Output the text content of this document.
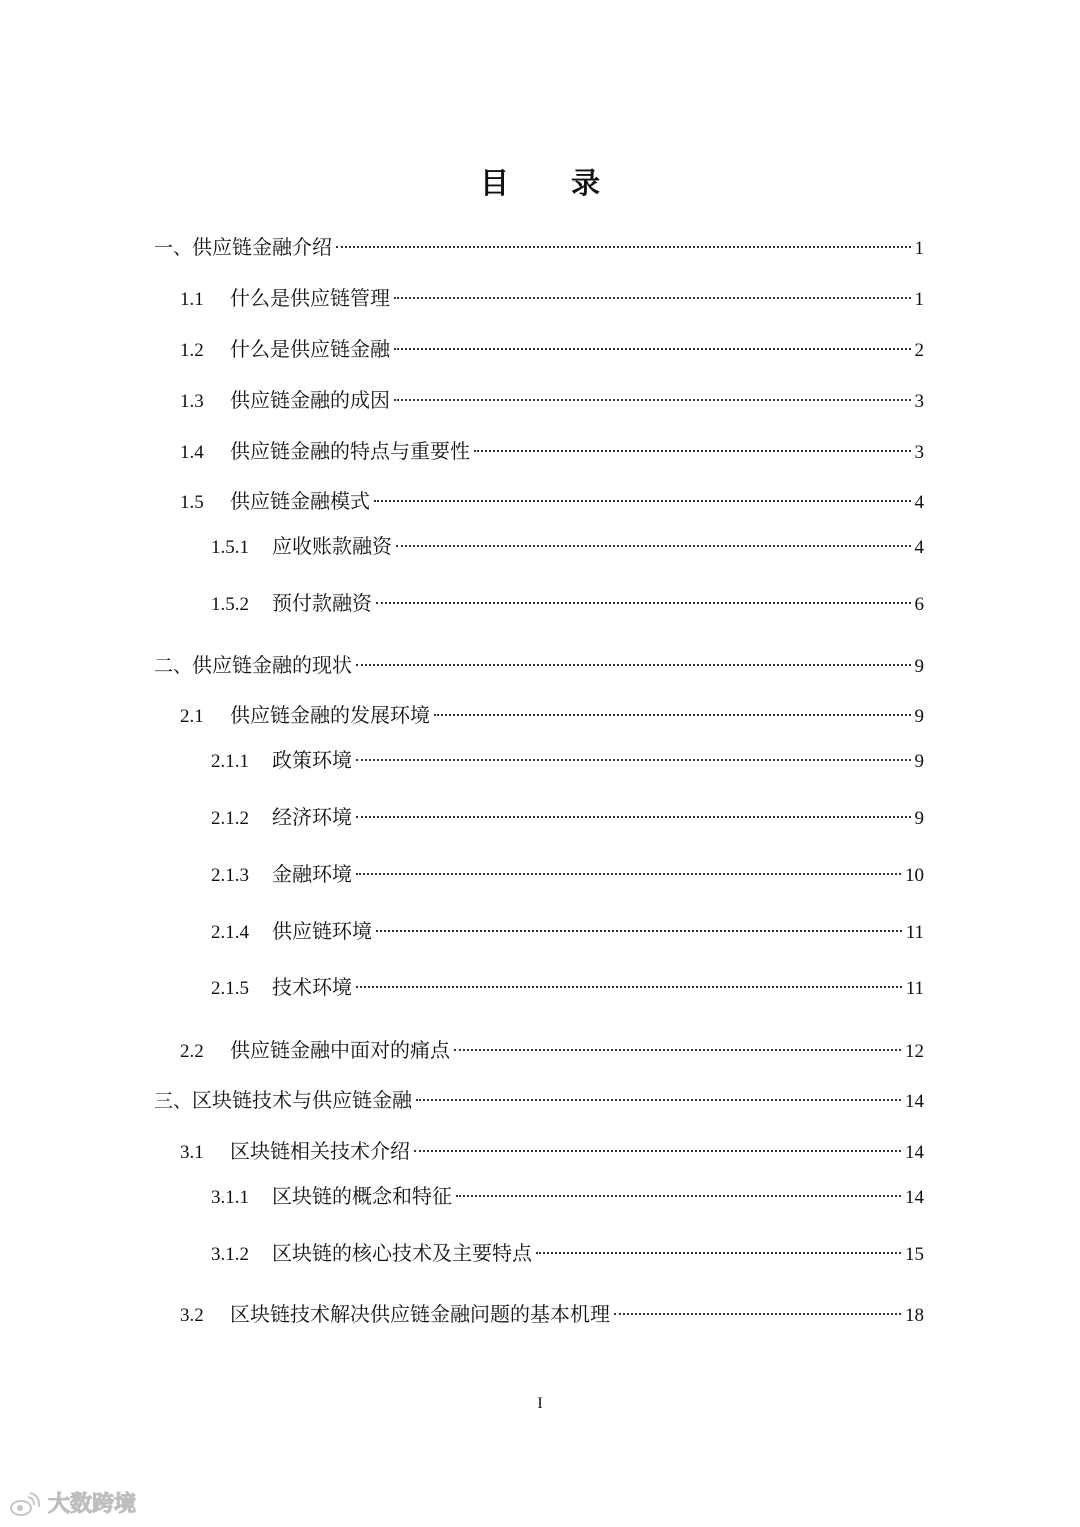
目 录
一、 供应链金融介绍	1
1.1	什么是供应链管理	1
1.2	什么是供应链金融	2
1.3	供应链金融的成因	3
1.4	供应链金融的特点与重要性	3
1.5	供应链金融模式	4
1.5.1	应收账款融资	4
1.5.2	预付款融资	6
二、 供应链金融的现状	9
2.1	供应链金融的发展环境	9
2.1.1	政策环境	9
2.1.2	经济环境	9
2.1.3	金融环境	10
2.1.4	供应链环境	11
2.1.5	技术环境	11
2.2	供应链金融中面对的痛点	12
三、 区块链技术与供应链金融	14
3.1	区块链相关技术介绍	14
3.1.1	区块链的概念和特征	14
3.1.2	区块链的核心技术及主要特点	15
3.2	区块链技术解决供应链金融问题的基本机理	18
I
大数跨境
